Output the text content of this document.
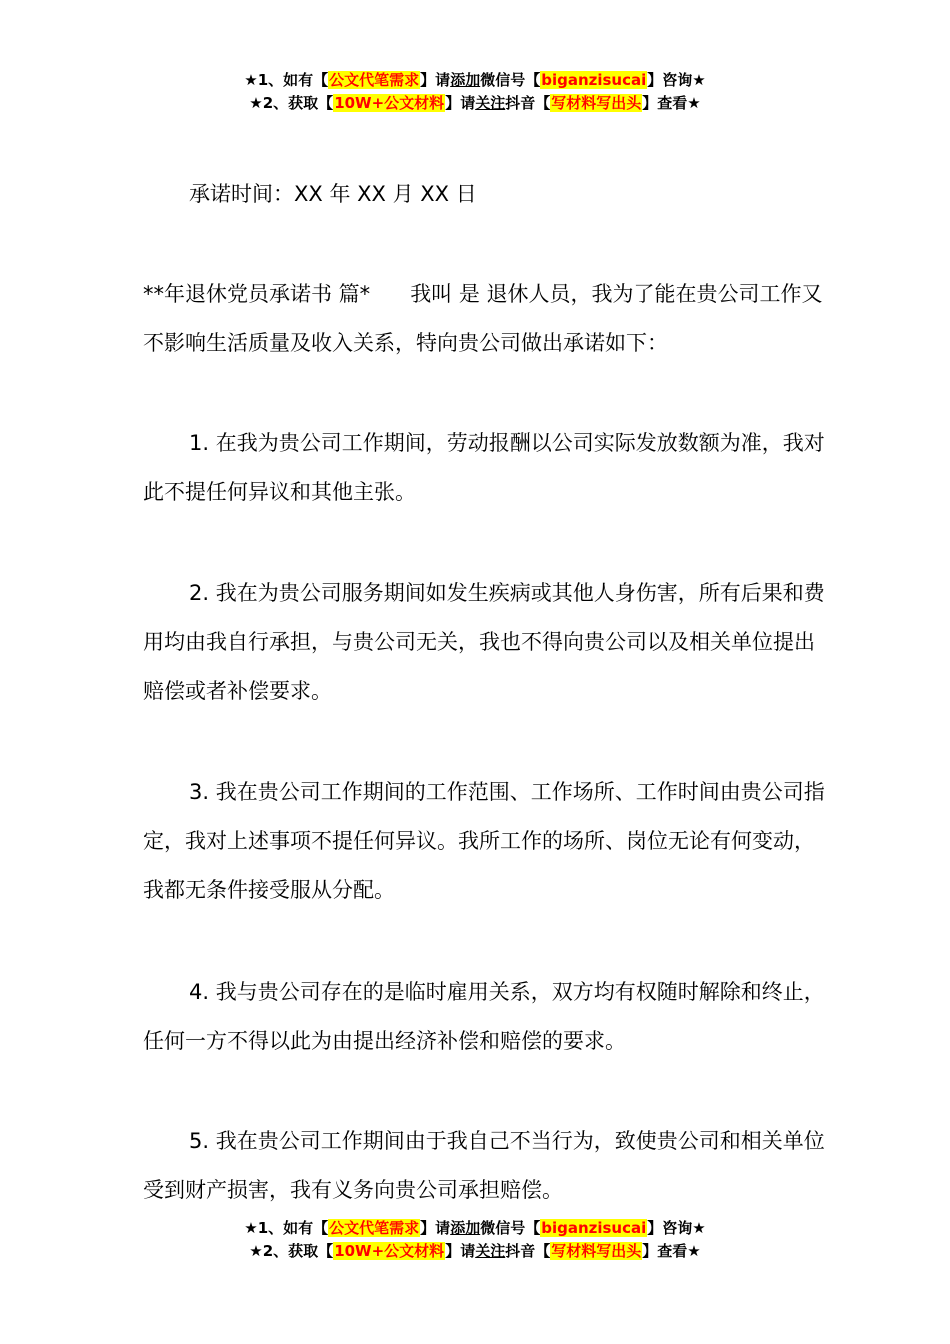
★1、如有【公文代笔需求】请添加微信号【biganzisucai】咨询★
★2、获取【10W+公文材料】请关注抖音【写材料写出头】查看★

承诺时间：XX 年 XX 月 XX 日

**年退休党员承诺书 篇* 我叫 是 退休人员，我为了能在贵公司工作又不影响生活质量及收入关系，特向贵公司做出承诺如下：

1. 在我为贵公司工作期间，劳动报酬以公司实际发放数额为准，我对此不提任何异议和其他主张。

2. 我在为贵公司服务期间如发生疾病或其他人身伤害，所有后果和费用均由我自行承担，与贵公司无关，我也不得向贵公司以及相关单位提出赔偿或者补偿要求。

3. 我在贵公司工作期间的工作范围、工作场所、工作时间由贵公司指定，我对上述事项不提任何异议。我所工作的场所、岗位无论有何变动，我都无条件接受服从分配。

4. 我与贵公司存在的是临时雇用关系，双方均有权随时解除和终止，任何一方不得以此为由提出经济补偿和赔偿的要求。

5. 我在贵公司工作期间由于我自己不当行为，致使贵公司和相关单位受到财产损害，我有义务向贵公司承担赔偿。

★1、如有【公文代笔需求】请添加微信号【biganzisucai】咨询★
★2、获取【10W+公文材料】请关注抖音【写材料写出头】查看★
